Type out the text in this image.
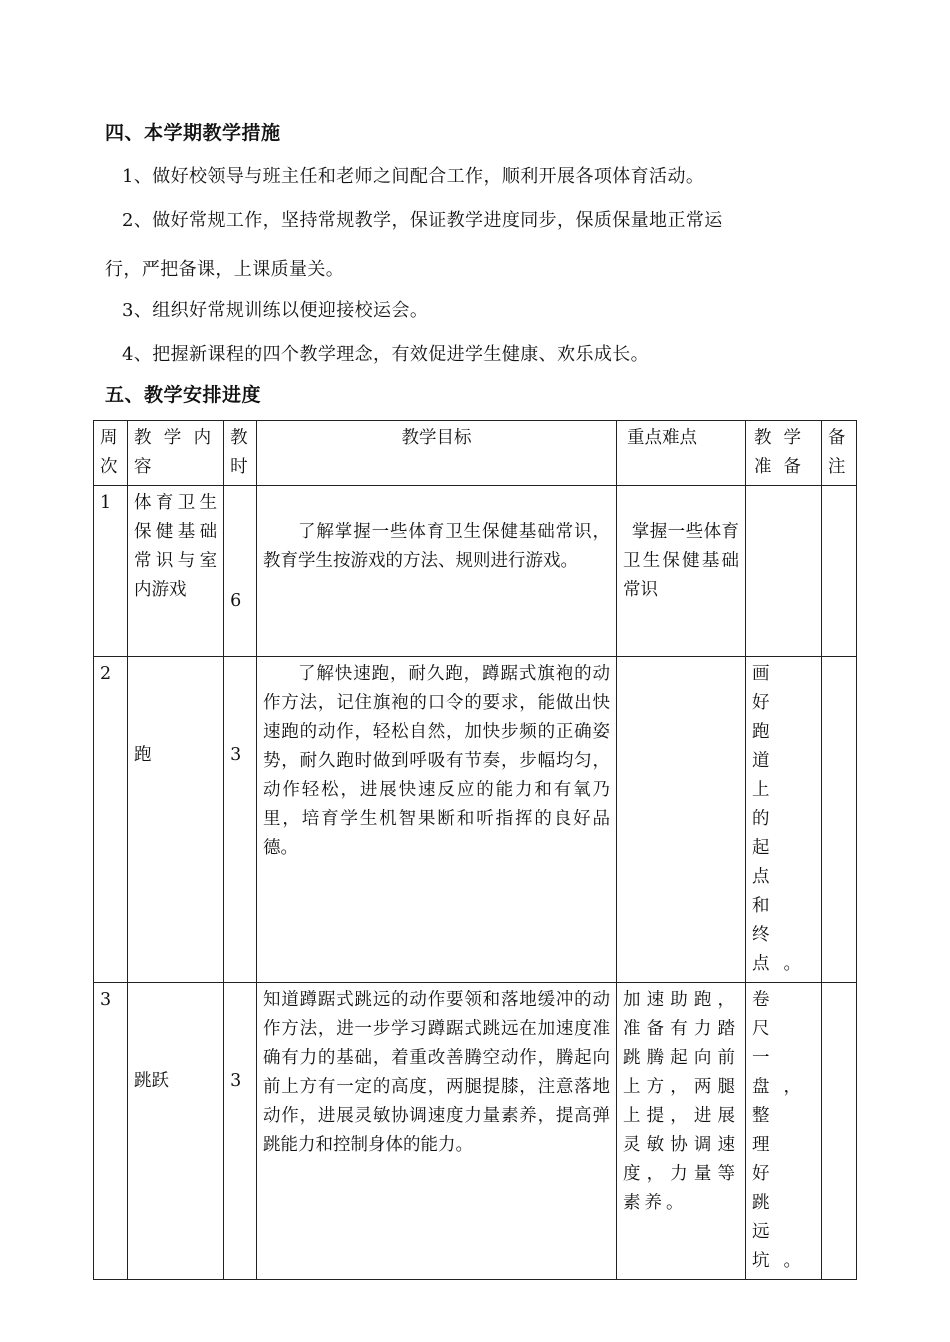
四、本学期教学措施
1、做好校领导与班主任和老师之间配合工作，顺利开展各项体育活动。
2、做好常规工作，坚持常规教学，保证教学进度同步，保质保量地正常运
行，严把备课，上课质量关。
3、组织好常规训练以便迎接校运会。
4、把握新课程的四个教学理念，有效促进学生健康、欢乐成长。
五、教学安排进度
周次	教学内容	教时	教学目标	重点难点	教学准备	备注
1	体育卫生保健基础常识与室内游戏	6	了解掌握一些体育卫生保健基础常识，教育学生按游戏的方法、规则进行游戏。	掌握一些体育卫生保健基础常识		
2	跑	3	了解快速跑，耐久跑，蹲踞式旗袍的动作方法，记住旗袍的口令的要求，能做出快速跑的动作，轻松自然，加快步频的正确姿势，耐久跑时做到呼吸有节奏，步幅均匀，动作轻松，进展快速反应的能力和有氧乃里，培育学生机智果断和听指挥的良好品德。		画好跑道上的起点和终点。	
3	跳跃	3	知道蹲踞式跳远的动作要领和落地缓冲的动作方法，进一步学习蹲踞式跳远在加速度准确有力的基础，着重改善腾空动作，腾起向前上方有一定的高度，两腿提膝，注意落地动作，进展灵敏协调速度力量素养，提高弹跳能力和控制身体的能力。	加速助跑，准备有力踏跳腾起向前上方，两腿上提，进展灵敏协调速度，力量等素养。	卷尺一盘，整理好跳远坑。	
